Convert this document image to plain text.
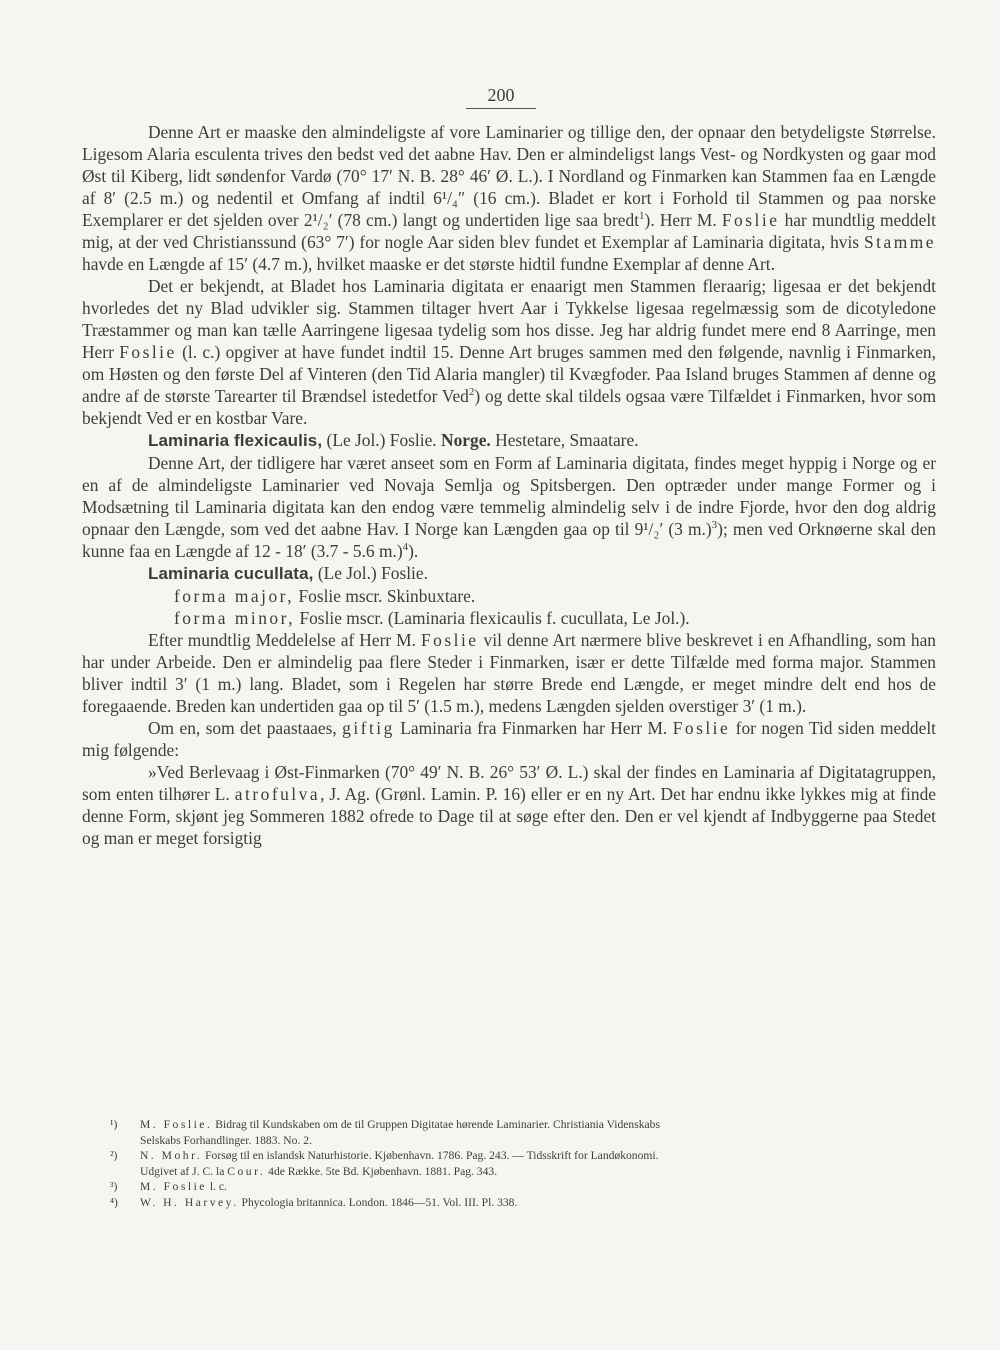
200

Denne Art er maaske den almindeligste af vore Laminarier og tillige den, der opnaar den betydeligste Størrelse. Ligesom Alaria esculenta trives den bedst ved det aabne Hav. Den er almindeligst langs Vest- og Nordkysten og gaar mod Øst til Kiberg, lidt søndenfor Vardø (70° 17′ N. B. 28° 46′ Ø. L.). I Nordland og Finmarken kan Stammen faa en Længde af 8′ (2.5 m.) og nedentil et Omfang af indtil 6¹/₄″ (16 cm.). Bladet er kort i Forhold til Stammen og paa norske Exemplarer er det sjelden over 2¹/₂′ (78 cm.) langt og undertiden lige saa bredt$^1$). Herr M. Foslie har mundtlig meddelt mig, at der ved Christianssund (63° 7′) for nogle Aar siden blev fundet et Exemplar af Laminaria digitata, hvis Stamme havde en Længde af 15′ (4.7 m.), hvilket maaske er det største hidtil fundne Exemplar af denne Art.

Det er bekjendt, at Bladet hos Laminaria digitata er enaarigt men Stammen fleraarig; ligesaa er det bekjendt hvorledes det ny Blad udvikler sig. Stammen tiltager hvert Aar i Tykkelse ligesaa regelmæssig som de dicotyledone Træstammer og man kan tælle Aarringene ligesaa tydelig som hos disse. Jeg har aldrig fundet mere end 8 Aarringe, men Herr Foslie (l. c.) opgiver at have fundet indtil 15. Denne Art bruges sammen med den følgende, navnlig i Finmarken, om Høsten og den første Del af Vinteren (den Tid Alaria mangler) til Kvægfoder. Paa Island bruges Stammen af denne og andre af de største Tarearter til Brændsel istedetfor Ved$^2$) og dette skal tildels ogsaa være Tilfældet i Finmarken, hvor som bekjendt Ved er en kostbar Vare.

Laminaria flexicaulis, (Le Jol.) Foslie. Norge. Hestetare, Smaatare.

Denne Art, der tidligere har været anseet som en Form af Laminaria digitata, findes meget hyppig i Norge og er en af de almindeligste Laminarier ved Novaja Semlja og Spitsbergen. Den optræder under mange Former og i Modsætning til Laminaria digitata kan den endog være temmelig almindelig selv i de indre Fjorde, hvor den dog aldrig opnaar den Længde, som ved det aabne Hav. I Norge kan Længden gaa op til 9¹/₂′ (3 m.)$^3$); men ved Orknøerne skal den kunne faa en Længde af 12 - 18′ (3.7 - 5.6 m.)$^4$).

Laminaria cucullata, (Le Jol.) Foslie.

forma major, Foslie mscr. Skinbuxtare.

forma minor, Foslie mscr. (Laminaria flexicaulis f. cucullata, Le Jol.).

Efter mundtlig Meddelelse af Herr M. Foslie vil denne Art nærmere blive beskrevet i en Afhandling, som han har under Arbeide. Den er almindelig paa flere Steder i Finmarken, især er dette Tilfælde med forma major. Stammen bliver indtil 3′ (1 m.) lang. Bladet, som i Regelen har større Brede end Længde, er meget mindre delt end hos de foregaaende. Breden kan undertiden gaa op til 5′ (1.5 m.), medens Længden sjelden overstiger 3′ (1 m.).

Om en, som det paastaaes, giftig Laminaria fra Finmarken har Herr M. Foslie for nogen Tid siden meddelt mig følgende:

»Ved Berlevaag i Øst-Finmarken (70° 49′ N. B. 26° 53′ Ø. L.) skal der findes en Laminaria af Digitatagruppen, som enten tilhører L. atrofulva, J. Ag. (Grønl. Lamin. P. 16) eller er en ny Art. Det har endnu ikke lykkes mig at finde denne Form, skjønt jeg Sommeren 1882 ofrede to Dage til at søge efter den. Den er vel kjendt af Indbyggerne paa Stedet og man er meget forsigtig

¹) M. Foslie. Bidrag til Kundskaben om de til Gruppen Digitatae hørende Laminarier. Christiania Videnskabs
Selskabs Forhandlinger. 1883. No. 2.
²) N. Mohr. Forsøg til en islandsk Naturhistorie. Kjøbenhavn. 1786. Pag. 243. — Tidsskrift for Landøkonomi.
Udgivet af J. C. la Cour. 4de Række. 5te Bd. Kjøbenhavn. 1881. Pag. 343.
³) M. Foslie l. c.
⁴) W. H. Harvey. Phycologia britannica. London. 1846—51. Vol. III. Pl. 338.
